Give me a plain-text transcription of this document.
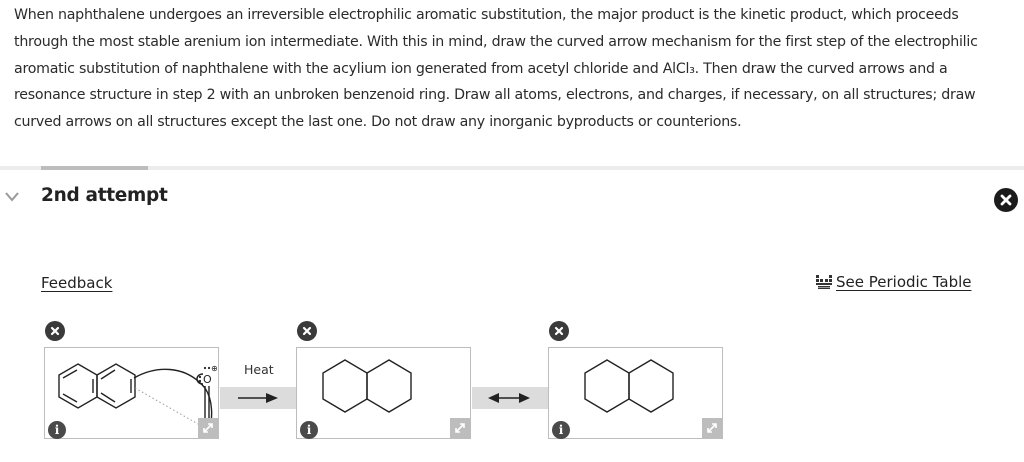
When naphthalene undergoes an irreversible electrophilic aromatic substitution, the major product is the kinetic product, which proceeds through the most stable arenium ion intermediate. With this in mind, draw the curved arrow mechanism for the first step of the electrophilic aromatic substitution of naphthalene with the acylium ion generated from acetyl chloride and AlCl₃. Then draw the curved arrows and a resonance structure in step 2 with an unbroken benzenoid ring. Draw all atoms, electrons, and charges, if necessary, on all structures; draw curved arrows on all structures except the last one. Do not draw any inorganic byproducts or counterions.
2nd attempt
Feedback	See Periodic Table
Heat
O
⊕
i	i	i
